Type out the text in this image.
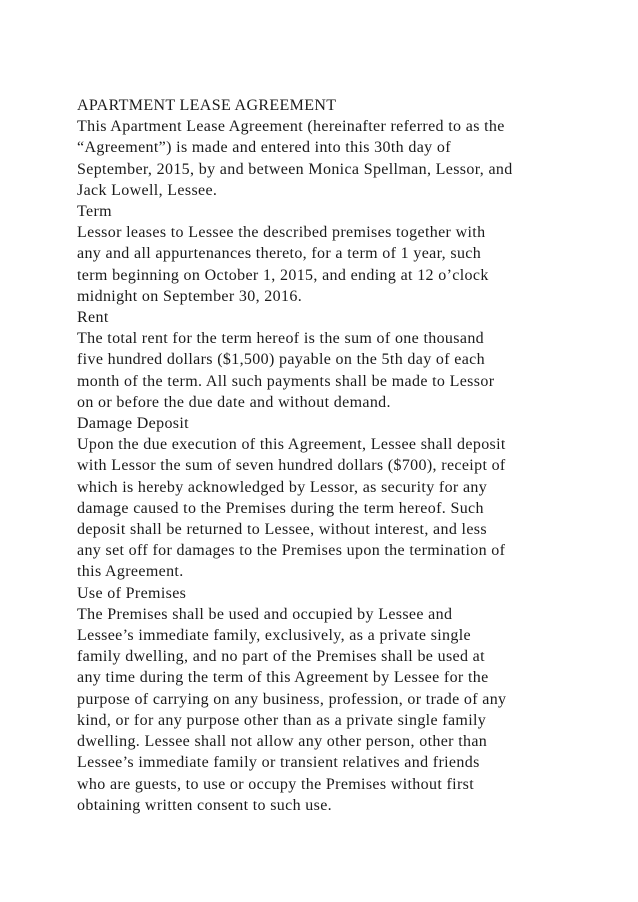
APARTMENT LEASE AGREEMENT
This Apartment Lease Agreement (hereinafter referred to as the
“Agreement”) is made and entered into this 30th day of
September, 2015, by and between Monica Spellman, Lessor, and
Jack Lowell, Lessee.
Term
Lessor leases to Lessee the described premises together with
any and all appurtenances thereto, for a term of 1 year, such
term beginning on October 1, 2015, and ending at 12 o’clock
midnight on September 30, 2016.
Rent
The total rent for the term hereof is the sum of one thousand
five hundred dollars ($1,500) payable on the 5th day of each
month of the term. All such payments shall be made to Lessor
on or before the due date and without demand.
Damage Deposit
Upon the due execution of this Agreement, Lessee shall deposit
with Lessor the sum of seven hundred dollars ($700), receipt of
which is hereby acknowledged by Lessor, as security for any
damage caused to the Premises during the term hereof. Such
deposit shall be returned to Lessee, without interest, and less
any set off for damages to the Premises upon the termination of
this Agreement.
Use of Premises
The Premises shall be used and occupied by Lessee and
Lessee’s immediate family, exclusively, as a private single
family dwelling, and no part of the Premises shall be used at
any time during the term of this Agreement by Lessee for the
purpose of carrying on any business, profession, or trade of any
kind, or for any purpose other than as a private single family
dwelling. Lessee shall not allow any other person, other than
Lessee’s immediate family or transient relatives and friends
who are guests, to use or occupy the Premises without first
obtaining written consent to such use.
